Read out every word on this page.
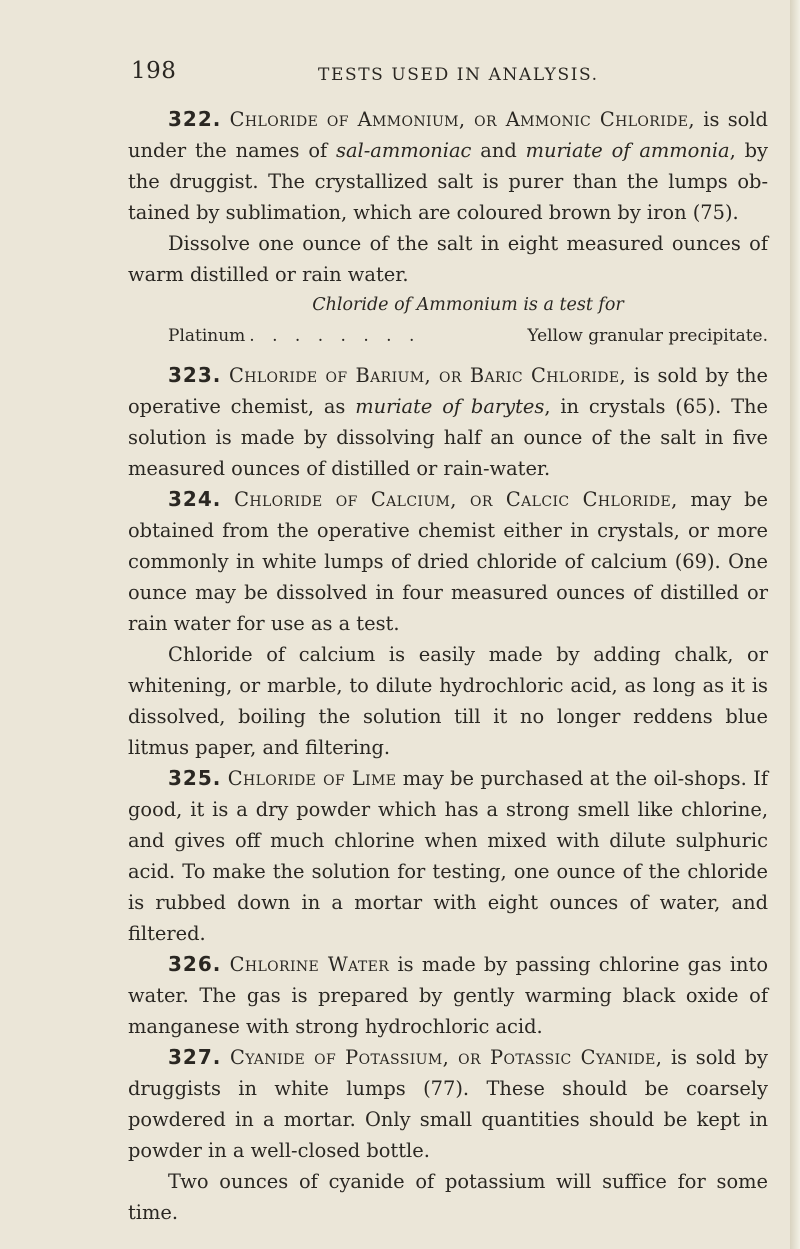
198	TESTS USED IN ANALYSIS.

322. Chloride of Ammonium, or Ammonic Chloride, is sold under the names of sal-ammoniac and muriate of ammonia, by the druggist. The crystallized salt is purer than the lumps ob-tained by sublimation, which are coloured brown by iron (75).

Dissolve one ounce of the salt in eight measured ounces of warm distilled or rain water.

Chloride of Ammonium is a test for

Platinum . . . . . . . .	Yellow granular precipitate.

323. Chloride of Barium, or Baric Chloride, is sold by the operative chemist, as muriate of barytes, in crystals (65). The solution is made by dissolving half an ounce of the salt in five measured ounces of distilled or rain-water.

324. Chloride of Calcium, or Calcic Chloride, may be obtained from the operative chemist either in crystals, or more commonly in white lumps of dried chloride of calcium (69). One ounce may be dissolved in four measured ounces of distilled or rain water for use as a test.

Chloride of calcium is easily made by adding chalk, or whitening, or marble, to dilute hydrochloric acid, as long as it is dissolved, boiling the solution till it no longer reddens blue litmus paper, and filtering.

325. Chloride of Lime may be purchased at the oil-shops. If good, it is a dry powder which has a strong smell like chlorine, and gives off much chlorine when mixed with dilute sulphuric acid. To make the solution for testing, one ounce of the chloride is rubbed down in a mortar with eight ounces of water, and filtered.

326. Chlorine Water is made by passing chlorine gas into water. The gas is prepared by gently warming black oxide of manganese with strong hydrochloric acid.

327. Cyanide of Potassium, or Potassic Cyanide, is sold by druggists in white lumps (77). These should be coarsely powdered in a mortar. Only small quantities should be kept in powder in a well-closed bottle.

Two ounces of cyanide of potassium will suffice for some time.
